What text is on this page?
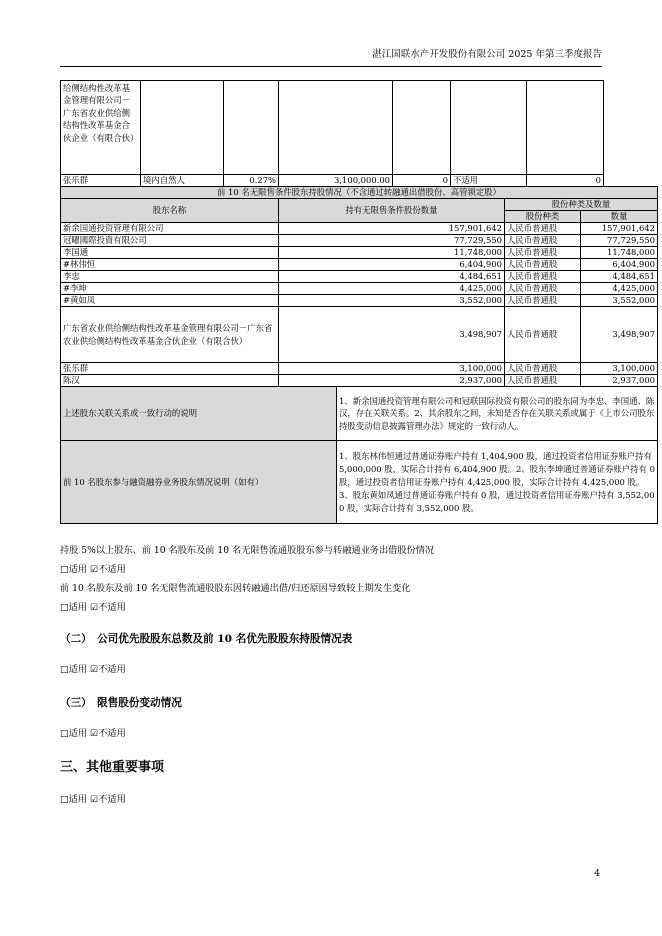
湛江国联水产开发股份有限公司 2025 年第三季度报告
给侧结构性改革基金管理有限公司－广东省农业供给侧结构性改革基金合伙企业（有限合伙）						
张乐群	境内自然人	0.27%	3,100,000.00	0	不适用	0
前 10 名无限售条件股东持股情况（不含通过转融通出借股份、高管锁定股）				
股东名称	持有无限售条件股份数量		股份种类及数量	
			股份种类	数量
新余国通投资管理有限公司	157,901,642		人民币普通股	157,901,642
冠曜國際投資有限公司	77,729,550		人民币普通股	77,729,550
李国通	11,748,000		人民币普通股	11,748,000
#林伟恒	6,404,900		人民币普通股	6,404,900
李忠	4,484,651		人民币普通股	4,484,651
#李坤	4,425,000		人民币普通股	4,425,000
#黄如凤	3,552,000		人民币普通股	3,552,000
广东省农业供给侧结构性改革基金管理有限公司－广东省农业供给侧结构性改革基金合伙企业（有限合伙）	3,498,907		人民币普通股	3,498,907
张乐群	3,100,000		人民币普通股	3,100,000
陈汉	2,937,000		人民币普通股	2,937,000
上述股东关联关系或一致行动的说明		1、新余国通投资管理有限公司和冠联国际投资有限公司的股东同为李忠、李国通、陈汉，存在关联关系。2、其余股东之间，未知是否存在关联关系或属于《上市公司股东持股变动信息披露管理办法》规定的一致行动人。		
前 10 名股东参与融资融券业务股东情况说明（如有）		1、股东林伟恒通过普通证券账户持有 1,404,900 股，通过投资者信用证券账户持有 5,000,000 股，实际合计持有 6,404,900 股。2、股东李坤通过普通证券账户持有 0 股，通过投资者信用证券账户持有 4,425,000 股，实际合计持有 4,425,000 股。3、股东黄如凤通过普通证券账户持有 0 股，通过投资者信用证券账户持有 3,552,000 股，实际合计持有 3,552,000 股。		
持股 5%以上股东、前 10 名股东及前 10 名无限售流通股股东参与转融通业务出借股份情况
□适用 ☑不适用
前 10 名股东及前 10 名无限售流通股股东因转融通出借/归还原因导致较上期发生变化
□适用 ☑不适用
（二）　公司优先股股东总数及前 10 名优先股股东持股情况表
□适用 ☑不适用
（三）　限售股份变动情况
□适用 ☑不适用
三、其他重要事项
□适用 ☑不适用
4
